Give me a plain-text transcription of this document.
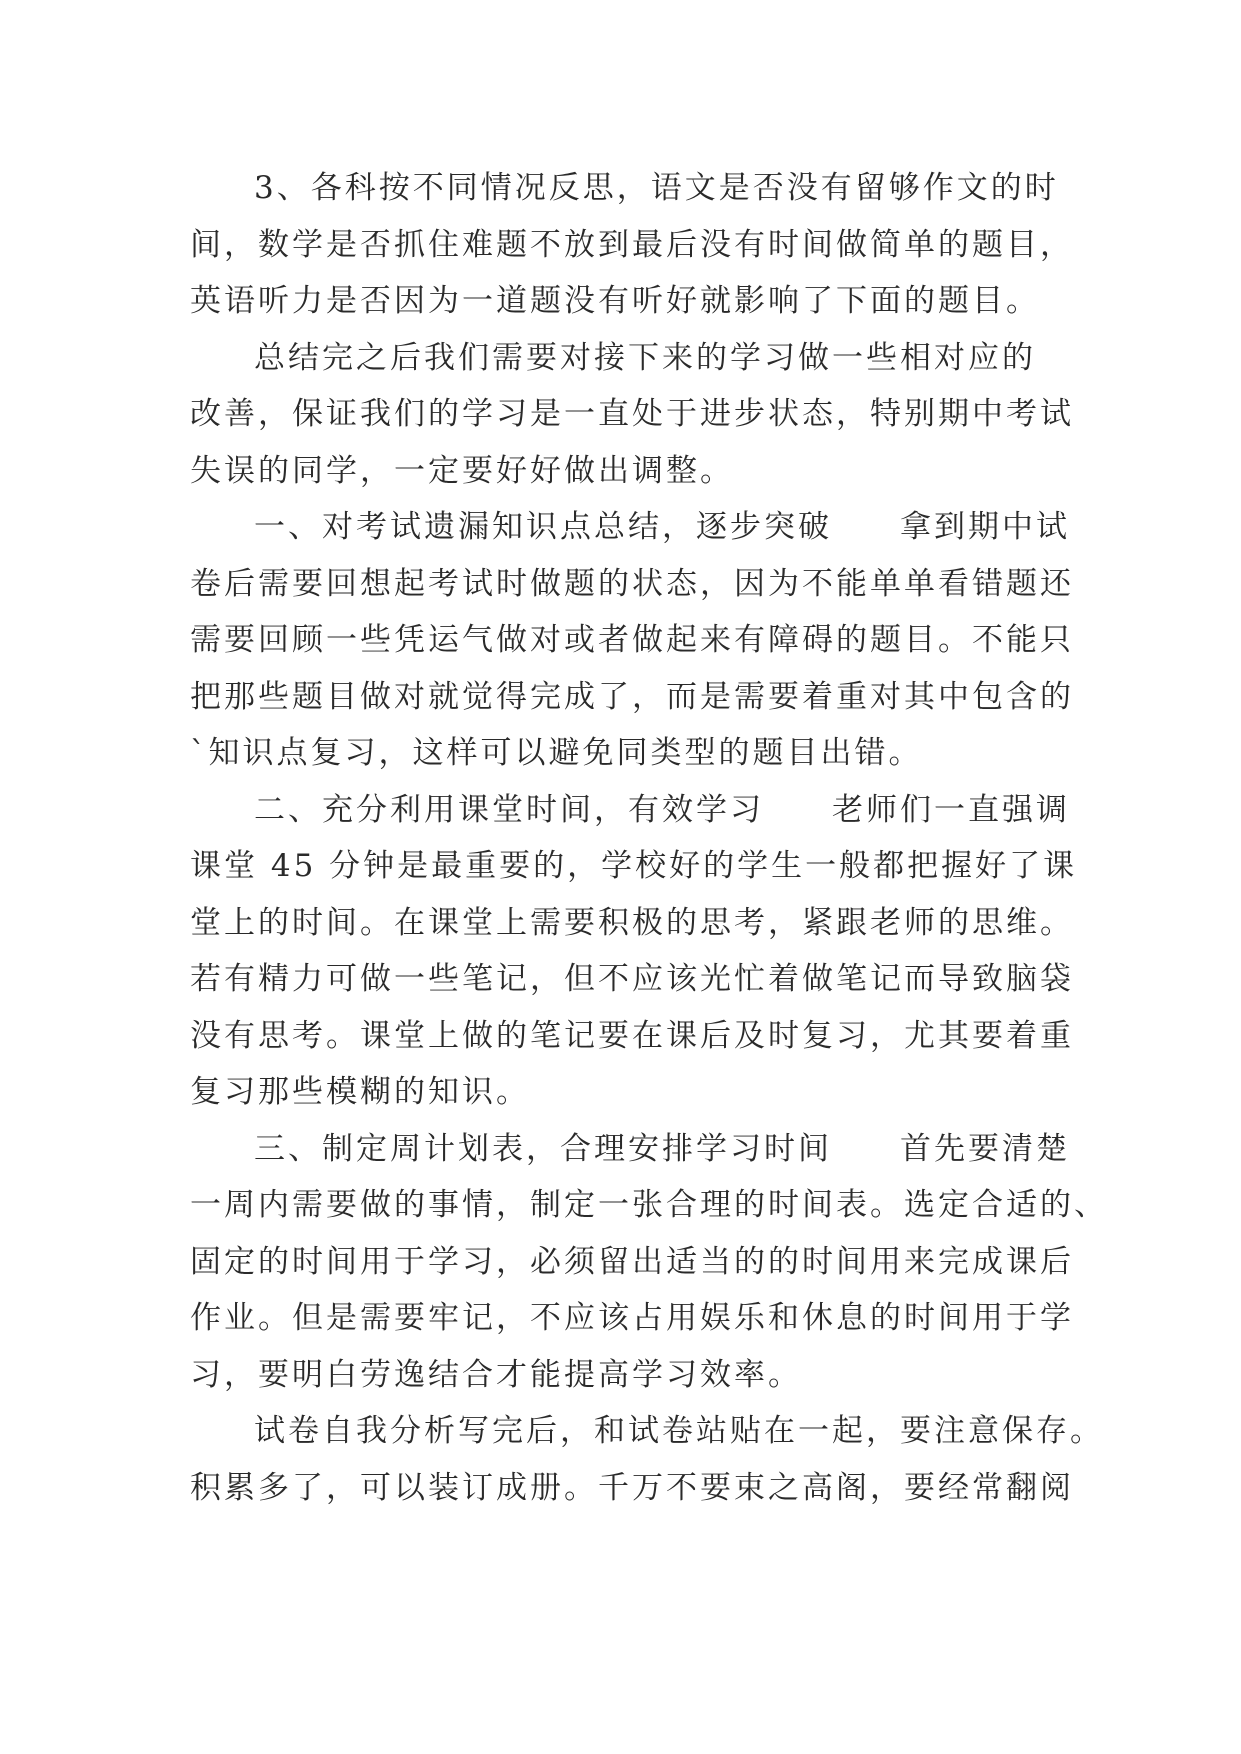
3、各科按不同情况反思，语文是否没有留够作文的时
间，数学是否抓住难题不放到最后没有时间做简单的题目，
英语听力是否因为一道题没有听好就影响了下面的题目。
总结完之后我们需要对接下来的学习做一些相对应的
改善，保证我们的学习是一直处于进步状态，特别期中考试
失误的同学，一定要好好做出调整。
一、对考试遗漏知识点总结，逐步突破　　拿到期中试
卷后需要回想起考试时做题的状态，因为不能单单看错题还
需要回顾一些凭运气做对或者做起来有障碍的题目。不能只
把那些题目做对就觉得完成了，而是需要着重对其中包含的
`知识点复习，这样可以避免同类型的题目出错。
二、充分利用课堂时间，有效学习　　老师们一直强调
课堂 45 分钟是最重要的，学校好的学生一般都把握好了课
堂上的时间。在课堂上需要积极的思考，紧跟老师的思维。
若有精力可做一些笔记，但不应该光忙着做笔记而导致脑袋
没有思考。课堂上做的笔记要在课后及时复习，尤其要着重
复习那些模糊的知识。
三、制定周计划表，合理安排学习时间　　首先要清楚
一周内需要做的事情，制定一张合理的时间表。选定合适的、
固定的时间用于学习，必须留出适当的的时间用来完成课后
作业。但是需要牢记，不应该占用娱乐和休息的时间用于学
习，要明白劳逸结合才能提高学习效率。
试卷自我分析写完后，和试卷站贴在一起，要注意保存。
积累多了，可以装订成册。千万不要束之高阁，要经常翻阅
